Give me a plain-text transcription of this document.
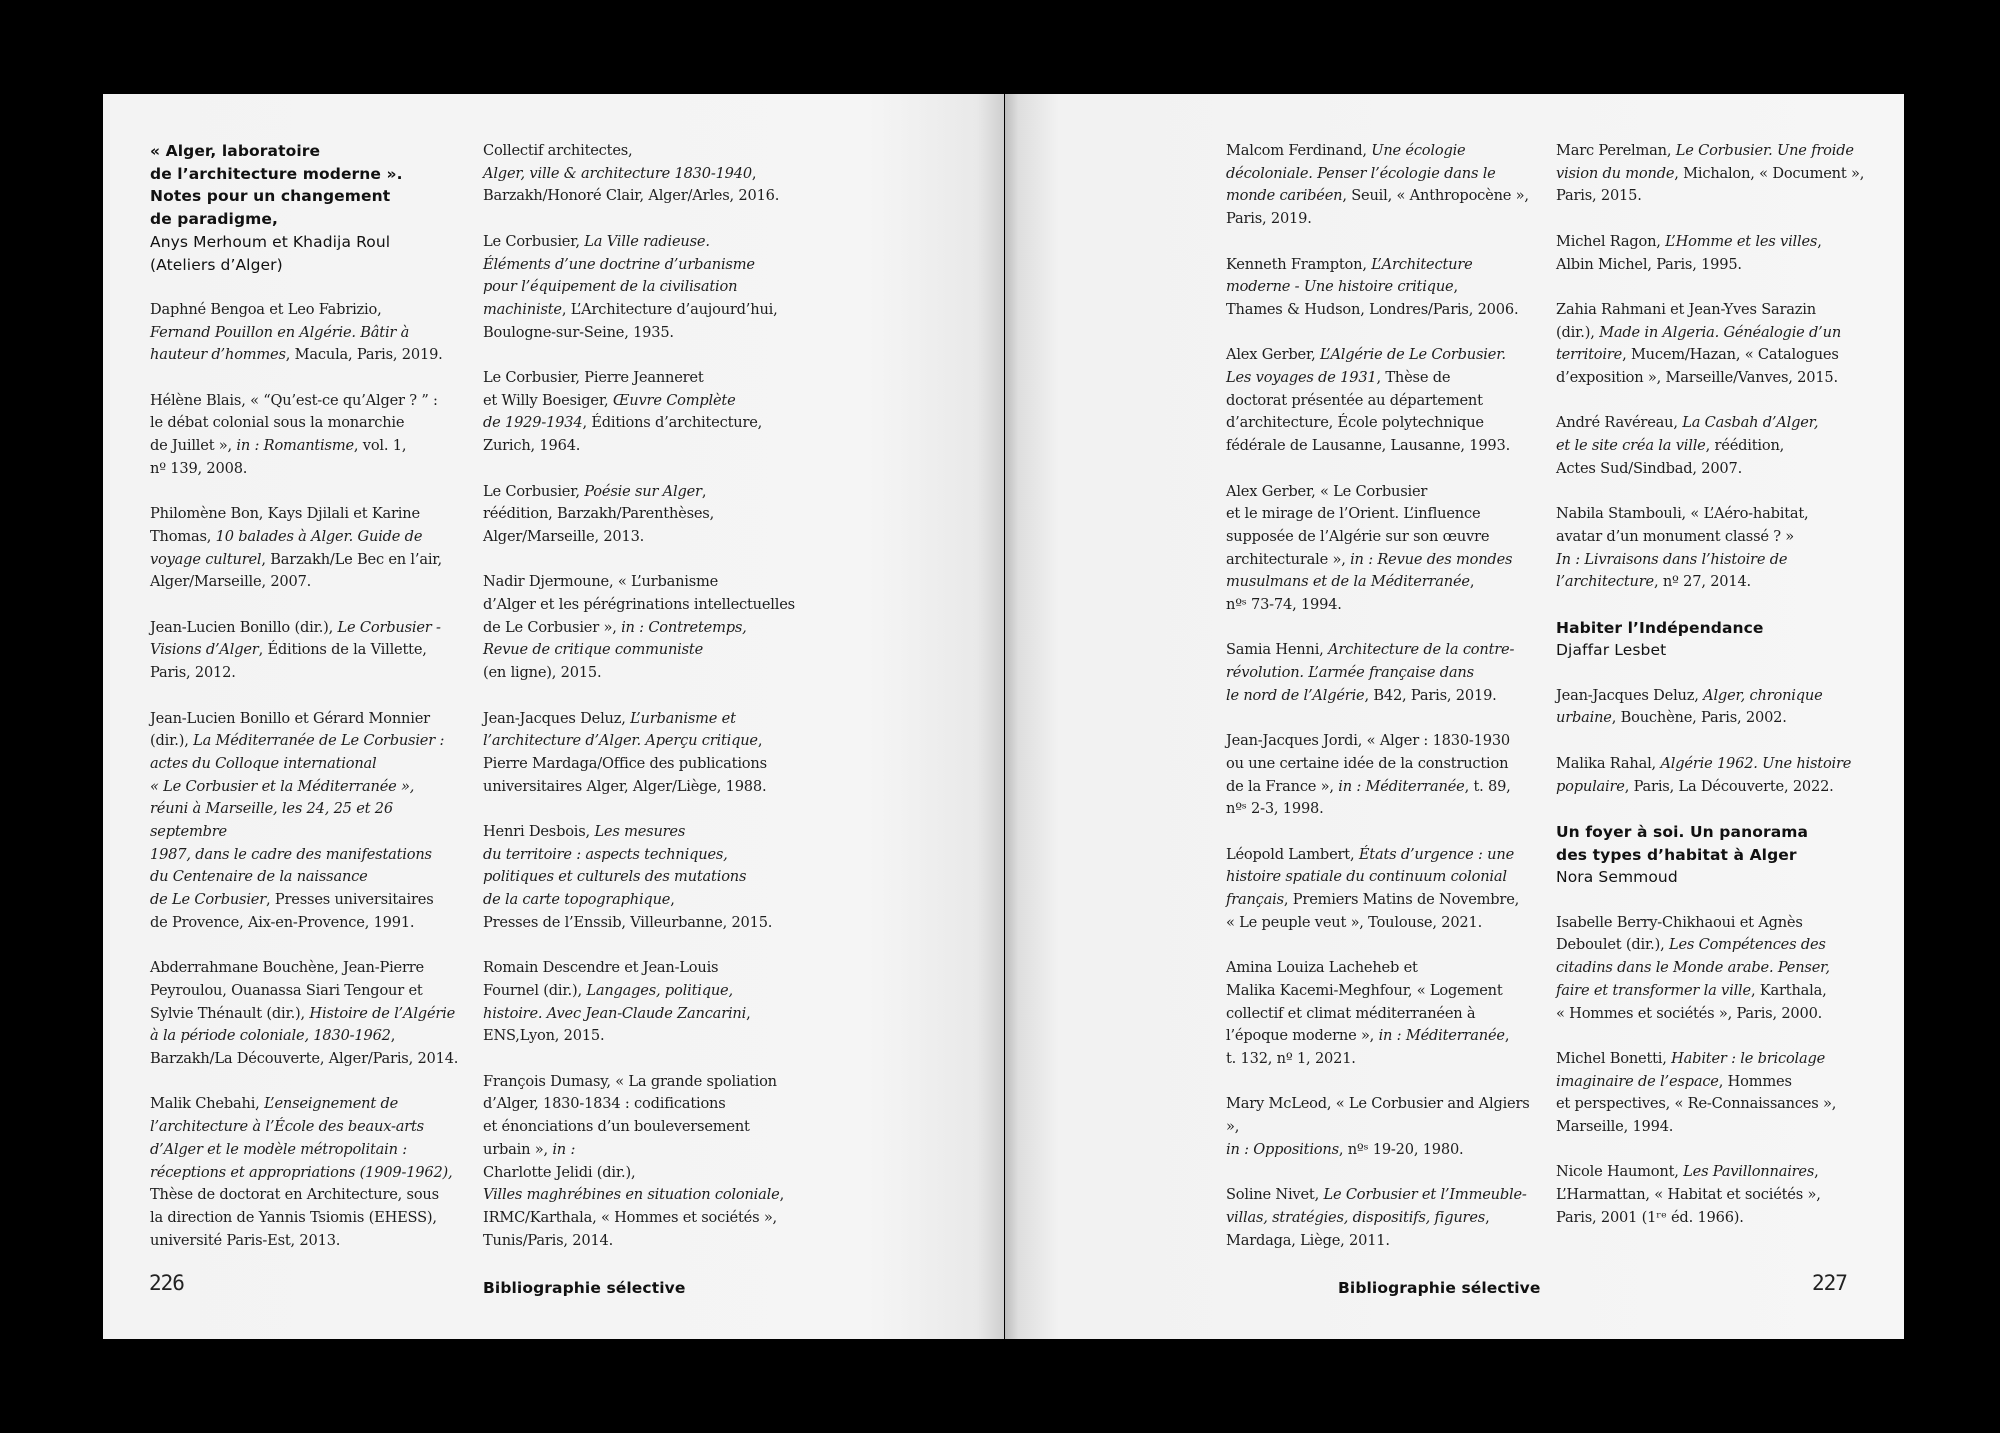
« Alger, laboratoire
de l’architecture moderne ».
Notes pour un changement
de paradigme,
Anys Merhoum et Khadija Roul
(Ateliers d’Alger)

Daphné Bengoa et Leo Fabrizio,
Fernand Pouillon en Algérie. Bâtir à
hauteur d’hommes, Macula, Paris, 2019.

Hélène Blais, « “Qu’est-ce qu’Alger ? ” :
le débat colonial sous la monarchie
de Juillet », in : Romantisme, vol. 1,
nº 139, 2008.

Philomène Bon, Kays Djilali et Karine
Thomas, 10 balades à Alger. Guide de
voyage culturel, Barzakh/Le Bec en l’air,
Alger/Marseille, 2007.

Jean-Lucien Bonillo (dir.), Le Corbusier -
Visions d’Alger, Éditions de la Villette,
Paris, 2012.

Jean-Lucien Bonillo et Gérard Monnier
(dir.), La Méditerranée de Le Corbusier :
actes du Colloque international
« Le Corbusier et la Méditerranée »,
réuni à Marseille, les 24, 25 et 26 septembre
1987, dans le cadre des manifestations
du Centenaire de la naissance
de Le Corbusier, Presses universitaires
de Provence, Aix-en-Provence, 1991.

Abderrahmane Bouchène, Jean-Pierre
Peyroulou, Ouanassa Siari Tengour et
Sylvie Thénault (dir.), Histoire de l’Algérie
à la période coloniale, 1830-1962,
Barzakh/La Découverte, Alger/Paris, 2014.

Malik Chebahi, L’enseignement de
l’architecture à l’École des beaux-arts
d’Alger et le modèle métropolitain :
réceptions et appropriations (1909-1962),
Thèse de doctorat en Architecture, sous
la direction de Yannis Tsiomis (EHESS),
université Paris-Est, 2013.

Collectif architectes,
Alger, ville & architecture 1830-1940,
Barzakh/Honoré Clair, Alger/Arles, 2016.

Le Corbusier, La Ville radieuse.
Éléments d’une doctrine d’urbanisme
pour l’équipement de la civilisation
machiniste, L’Architecture d’aujourd’hui,
Boulogne-sur-Seine, 1935.

Le Corbusier, Pierre Jeanneret
et Willy Boesiger, Œuvre Complète
de 1929-1934, Éditions d’architecture,
Zurich, 1964.

Le Corbusier, Poésie sur Alger,
réédition, Barzakh/Parenthèses,
Alger/Marseille, 2013.

Nadir Djermoune, « L’urbanisme
d’Alger et les pérégrinations intellectuelles
de Le Corbusier », in : Contretemps,
Revue de critique communiste
(en ligne), 2015.

Jean-Jacques Deluz, L’urbanisme et
l’architecture d’Alger. Aperçu critique,
Pierre Mardaga/Office des publications
universitaires Alger, Alger/Liège, 1988.

Henri Desbois, Les mesures
du territoire : aspects techniques,
politiques et culturels des mutations
de la carte topographique,
Presses de l’Enssib, Villeurbanne, 2015.

Romain Descendre et Jean-Louis
Fournel (dir.), Langages, politique,
histoire. Avec Jean-Claude Zancarini,
ENS,Lyon, 2015.

François Dumasy, « La grande spoliation
d’Alger, 1830-1834 : codifications
et énonciations d’un bouleversement
urbain », in :
Charlotte Jelidi (dir.),
Villes maghrébines en situation coloniale,
IRMC/Karthala, « Hommes et sociétés »,
Tunis/Paris, 2014.

226	Bibliographie sélective

Malcom Ferdinand, Une écologie
décoloniale. Penser l’écologie dans le
monde caribéen, Seuil, « Anthropocène »,
Paris, 2019.

Kenneth Frampton, L’Architecture
moderne - Une histoire critique,
Thames & Hudson, Londres/Paris, 2006.

Alex Gerber, L’Algérie de Le Corbusier.
Les voyages de 1931, Thèse de
doctorat présentée au département
d’architecture, École polytechnique
fédérale de Lausanne, Lausanne, 1993.

Alex Gerber, « Le Corbusier
et le mirage de l’Orient. L’influence
supposée de l’Algérie sur son œuvre
architecturale », in : Revue des mondes
musulmans et de la Méditerranée,
nºˢ 73-74, 1994.

Samia Henni, Architecture de la contre-
révolution. L’armée française dans
le nord de l’Algérie, B42, Paris, 2019.

Jean-Jacques Jordi, « Alger : 1830-1930
ou une certaine idée de la construction
de la France », in : Méditerranée, t. 89,
nºˢ 2-3, 1998.

Léopold Lambert, États d’urgence : une
histoire spatiale du continuum colonial
français, Premiers Matins de Novembre,
« Le peuple veut », Toulouse, 2021.

Amina Louiza Lacheheb et
Malika Kacemi-Meghfour, « Logement
collectif et climat méditerranéen à
l’époque moderne », in : Méditerranée,
t. 132, nº 1, 2021.

Mary McLeod, « Le Corbusier and Algiers »,
in : Oppositions, nºˢ 19-20, 1980.

Soline Nivet, Le Corbusier et l’Immeuble-
villas, stratégies, dispositifs, figures,
Mardaga, Liège, 2011.

Marc Perelman, Le Corbusier. Une froide
vision du monde, Michalon, « Document »,
Paris, 2015.

Michel Ragon, L’Homme et les villes,
Albin Michel, Paris, 1995.

Zahia Rahmani et Jean-Yves Sarazin
(dir.), Made in Algeria. Généalogie d’un
territoire, Mucem/Hazan, « Catalogues
d’exposition », Marseille/Vanves, 2015.

André Ravéreau, La Casbah d’Alger,
et le site créa la ville, réédition,
Actes Sud/Sindbad, 2007.

Nabila Stambouli, « L’Aéro-habitat,
avatar d’un monument classé ? »
In : Livraisons dans l’histoire de
l’architecture, nº 27, 2014.

Habiter l’Indépendance
Djaffar Lesbet

Jean-Jacques Deluz, Alger, chronique
urbaine, Bouchène, Paris, 2002.

Malika Rahal, Algérie 1962. Une histoire
populaire, Paris, La Découverte, 2022.

Un foyer à soi. Un panorama
des types d’habitat à Alger
Nora Semmoud

Isabelle Berry-Chikhaoui et Agnès
Deboulet (dir.), Les Compétences des
citadins dans le Monde arabe. Penser,
faire et transformer la ville, Karthala,
« Hommes et sociétés », Paris, 2000.

Michel Bonetti, Habiter : le bricolage
imaginaire de l’espace, Hommes
et perspectives, « Re-Connaissances »,
Marseille, 1994.

Nicole Haumont, Les Pavillonnaires,
L’Harmattan, « Habitat et sociétés »,
Paris, 2001 (1ʳᵉ éd. 1966).

Bibliographie sélective	227
